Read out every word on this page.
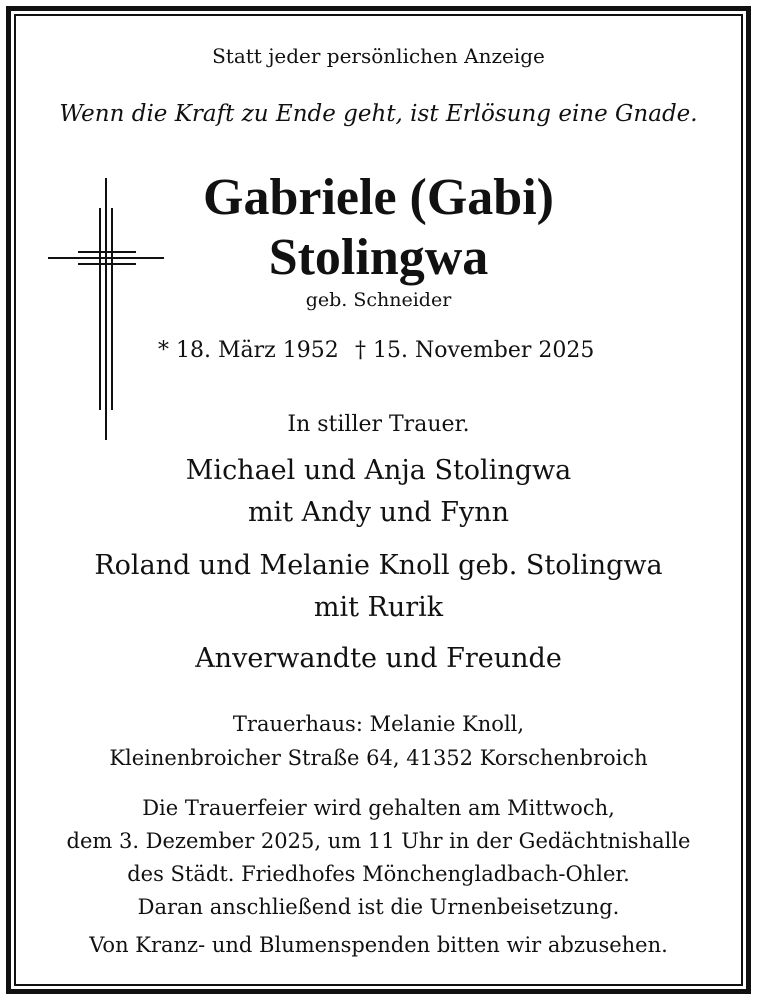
Statt jeder persönlichen Anzeige
Wenn die Kraft zu Ende geht, ist Erlösung eine Gnade.
Gabriele (Gabi)
Stolingwa
geb. Schneider
* 18. März 1952 † 15. November 2025
In stiller Trauer.
Michael und Anja Stolingwa
mit Andy und Fynn
Roland und Melanie Knoll geb. Stolingwa
mit Rurik
Anverwandte und Freunde
Trauerhaus: Melanie Knoll,
Kleinenbroicher Straße 64, 41352 Korschenbroich
Die Trauerfeier wird gehalten am Mittwoch,
dem 3. Dezember 2025, um 11 Uhr in der Gedächtnishalle
des Städt. Friedhofes Mönchengladbach-Ohler.
Daran anschließend ist die Urnenbeisetzung.
Von Kranz- und Blumenspenden bitten wir abzusehen.
